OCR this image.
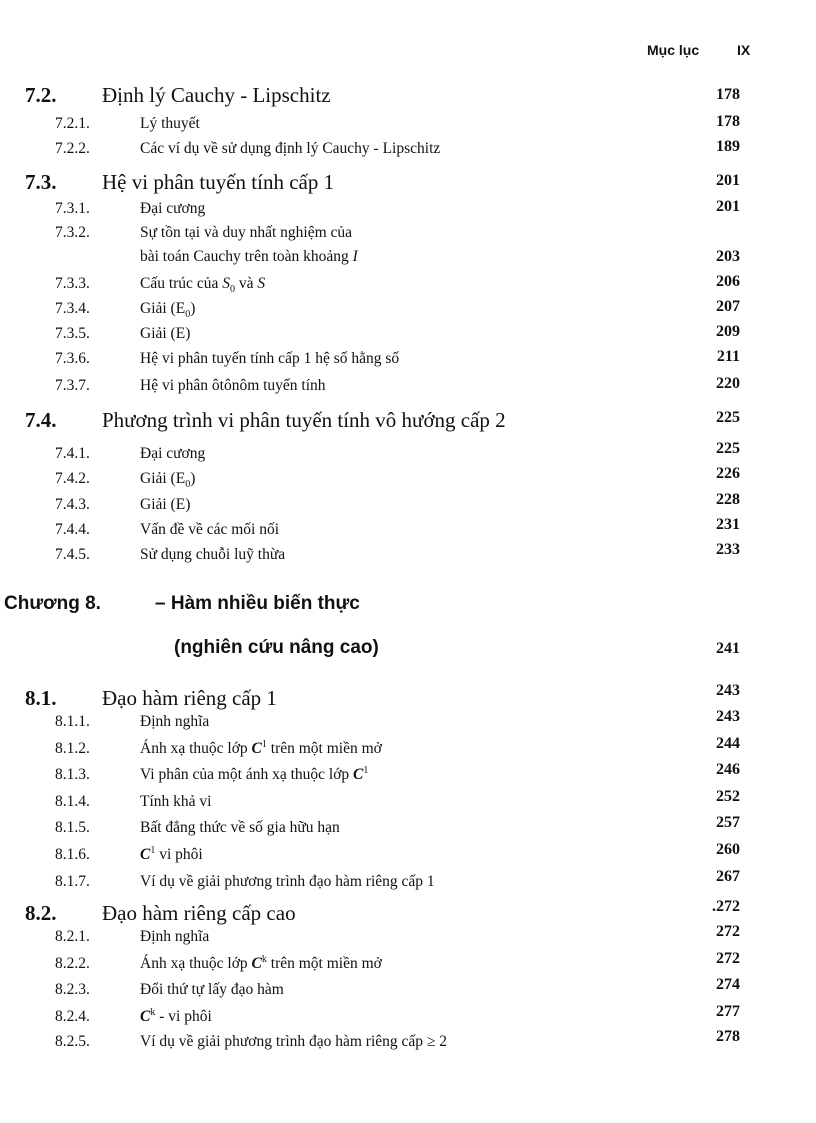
Mục lục	IX
7.2. Định lý Cauchy - Lipschitz	178
7.2.1.	Lý thuyết	178
7.2.2.	Các ví dụ về sử dụng định lý Cauchy - Lipschitz	189
7.3. Hệ vi phân tuyến tính cấp 1	201
7.3.1.	Đại cương	201
7.3.2.	Sự tồn tại và duy nhất nghiệm của
bài toán Cauchy trên toàn khoảng I	203
7.3.3.	Cấu trúc của $S_0$ và S	206
7.3.4.	Giải $(E_0)$	207
7.3.5.	Giải (E)	209
7.3.6.	Hệ vi phân tuyến tính cấp 1 hệ số hằng số	211
7.3.7.	Hệ vi phân ôtônôm tuyến tính	220
7.4. Phương trình vi phân tuyến tính vô hướng cấp 2	225
7.4.1.	Đại cương	225
7.4.2.	Giải $(E_0)$	226
7.4.3.	Giải (E)	228
7.4.4.	Vấn đề về các mối nối	231
7.4.5.	Sử dụng chuỗi luỹ thừa	233
Chương 8.	– Hàm nhiều biến thực
(nghiên cứu nâng cao)	241
8.1. Đạo hàm riêng cấp 1	243
8.1.1.	Định nghĩa	243
8.1.2.	Ánh xạ thuộc lớp $C^1$ trên một miền mở	244
8.1.3.	Vi phân của một ánh xạ thuộc lớp $C^1$	246
8.1.4.	Tính khả vi	252
8.1.5.	Bất đẳng thức về số gia hữu hạn	257
8.1.6.	$C^1$ vi phôi	260
8.1.7.	Ví dụ về giải phương trình đạo hàm riêng cấp 1	267
8.2. Đạo hàm riêng cấp cao	.272
8.2.1.	Định nghĩa	272
8.2.2.	Ánh xạ thuộc lớp $C^k$ trên một miền mở	272
8.2.3.	Đổi thứ tự lấy đạo hàm	274
8.2.4.	$C^k$ - vi phôi	277
8.2.5.	Ví dụ về giải phương trình đạo hàm riêng cấp ≥ 2	278
